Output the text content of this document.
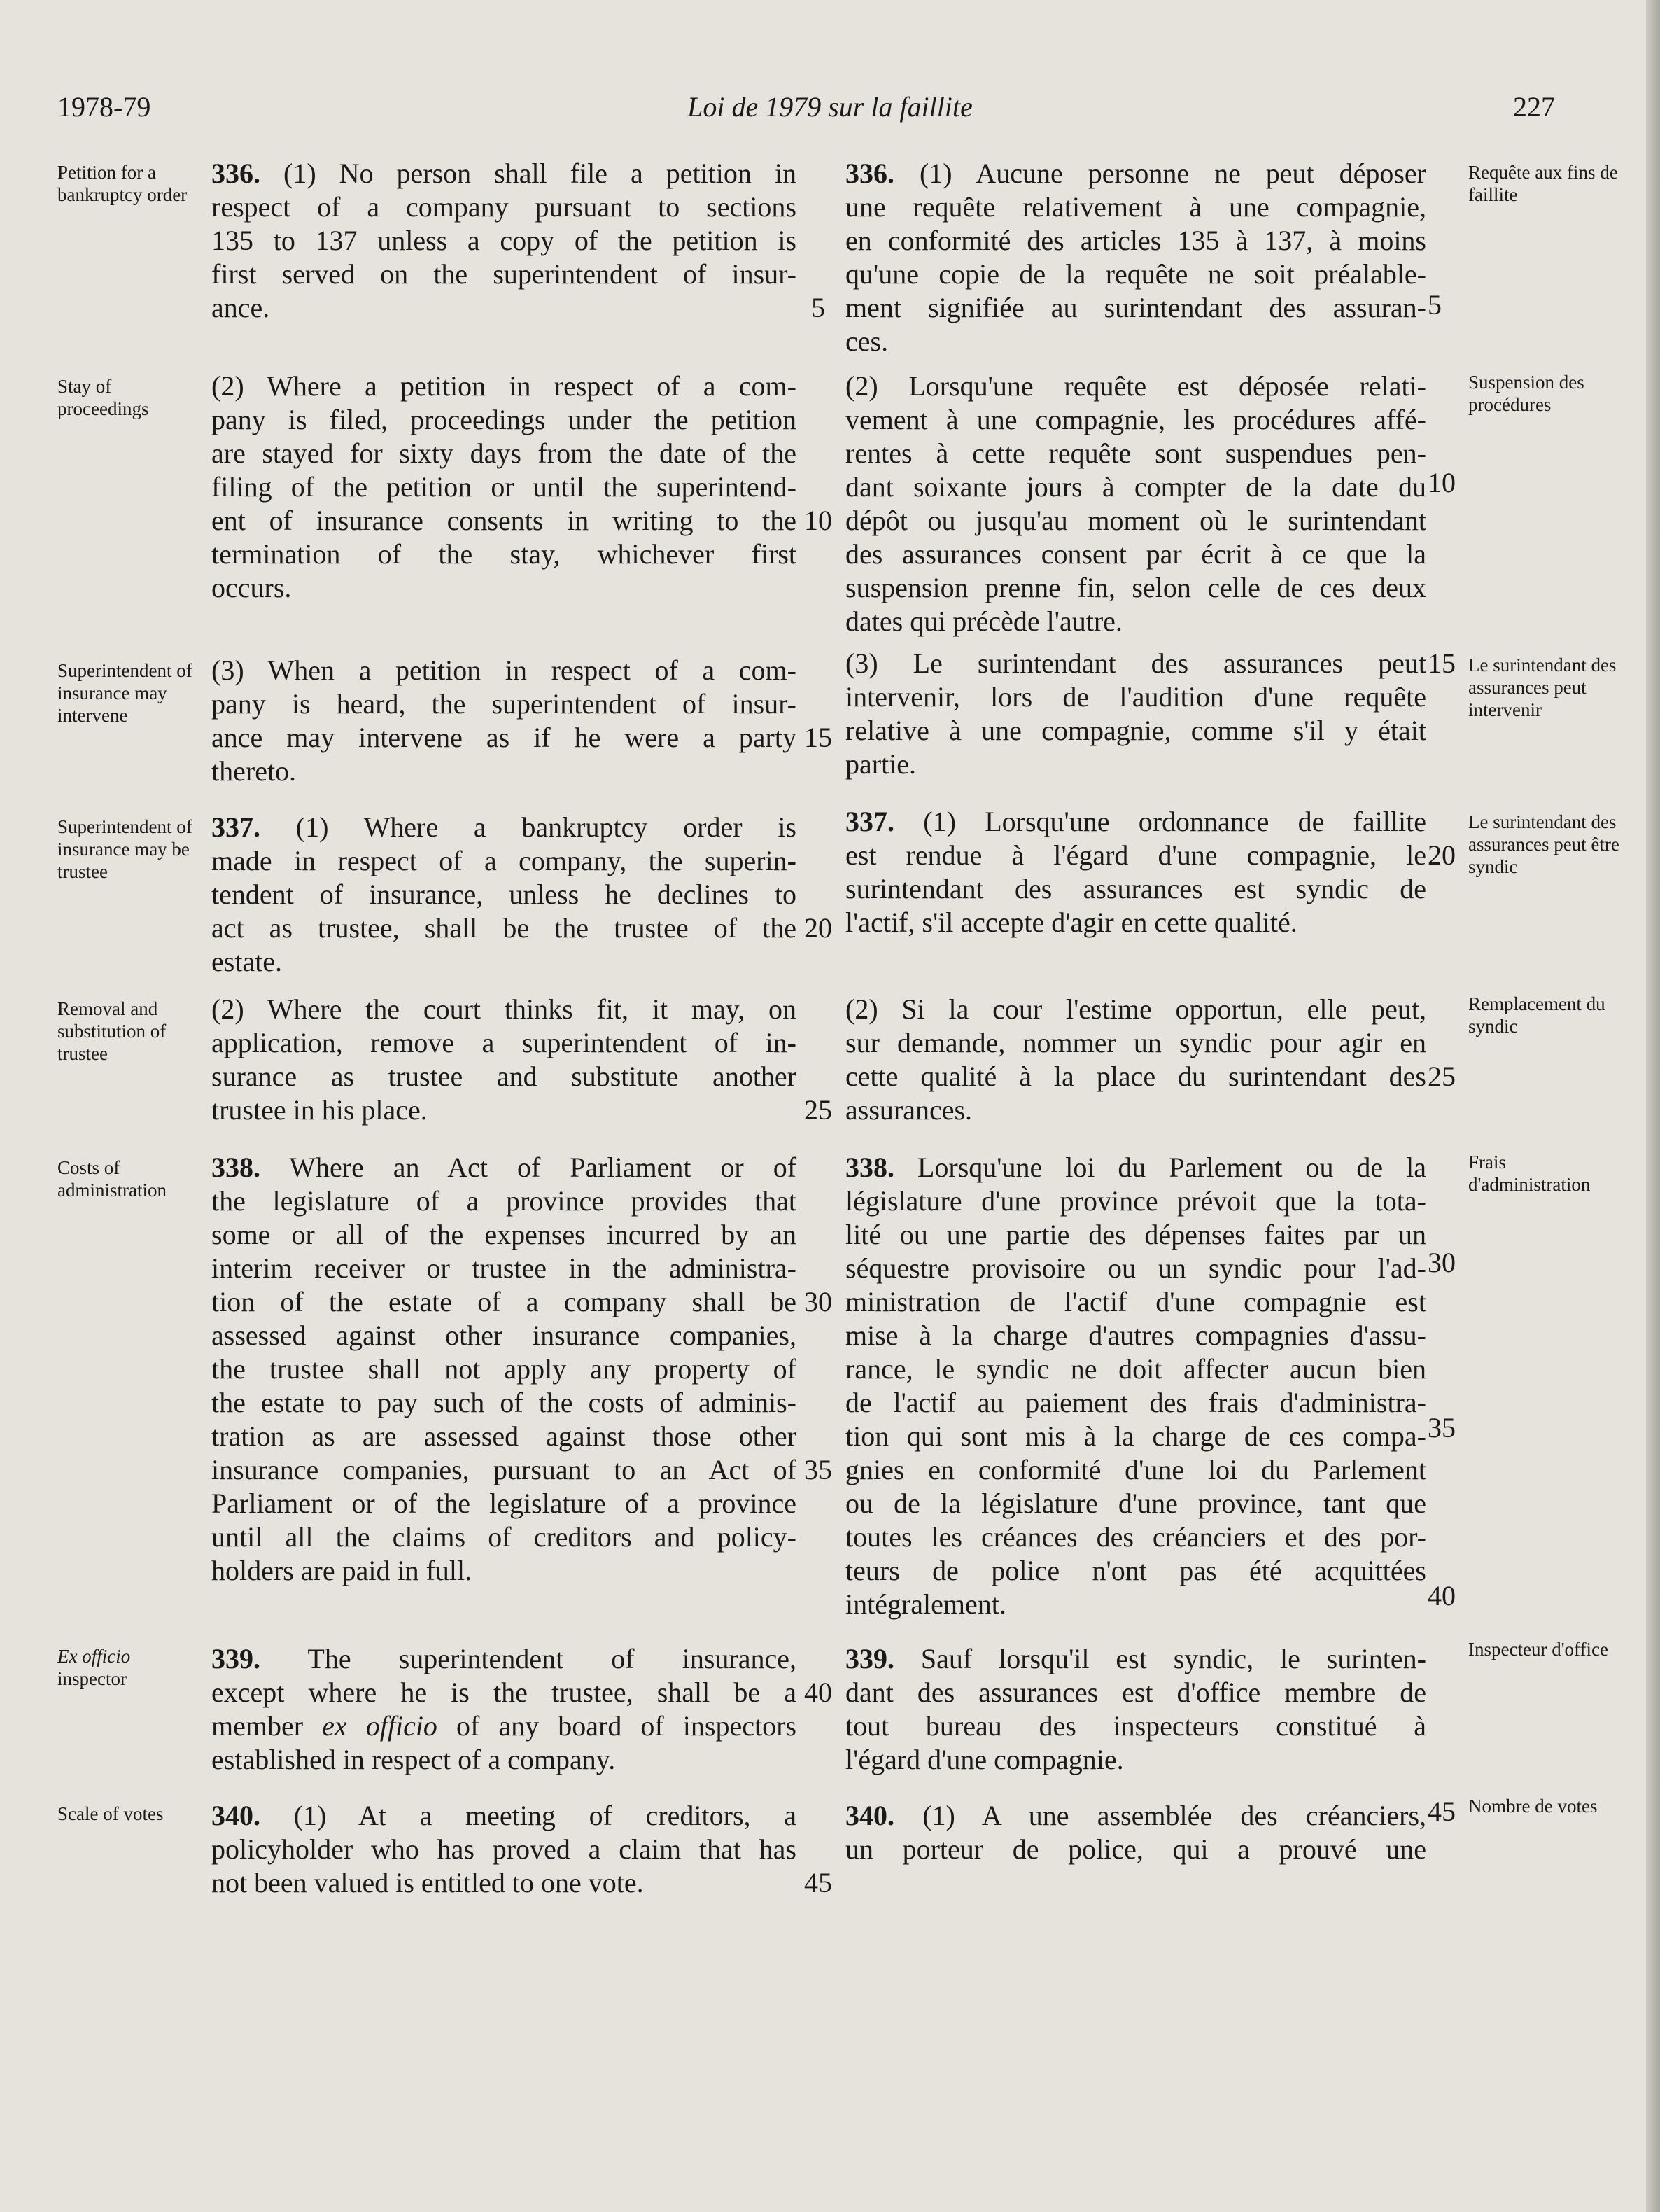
1978-79	Loi de 1979 sur la faillite	227
Petition for a bankruptcy order
Stay of proceedings
Superintendent of insurance may intervene
Superintendent of insurance may be trustee
Removal and substitution of trustee
Costs of administration
Ex officio
inspector
Scale of votes
Requête aux fins de faillite
Suspension des procédures
Le surintendant des assurances peut intervenir
Le surintendant des assurances peut être syndic
Remplacement du syndic
Frais d'administration
Inspecteur d'office
Nombre de votes
336. (1) No person shall file a petition in
respect of a company pursuant to sections
135 to 137 unless a copy of the petition is
first served on the superintendent of insur-
ance.
(2) Where a petition in respect of a com-
pany is filed, proceedings under the petition
are stayed for sixty days from the date of the
filing of the petition or until the superintend-
ent of insurance consents in writing to the
termination of the stay, whichever first
occurs.
(3) When a petition in respect of a com-
pany is heard, the superintendent of insur-
ance may intervene as if he were a party
thereto.
337. (1) Where a bankruptcy order is
made in respect of a company, the superin-
tendent of insurance, unless he declines to
act as trustee, shall be the trustee of the
estate.
(2) Where the court thinks fit, it may, on
application, remove a superintendent of in-
surance as trustee and substitute another
trustee in his place.
338. Where an Act of Parliament or of
the legislature of a province provides that
some or all of the expenses incurred by an
interim receiver or trustee in the administra-
tion of the estate of a company shall be
assessed against other insurance companies,
the trustee shall not apply any property of
the estate to pay such of the costs of adminis-
tration as are assessed against those other
insurance companies, pursuant to an Act of
Parliament or of the legislature of a province
until all the claims of creditors and policy-
holders are paid in full.
339. The superintendent of insurance,
except where he is the trustee, shall be a
member ex officio of any board of inspectors
established in respect of a company.
340. (1) At a meeting of creditors, a
policyholder who has proved a claim that has
not been valued is entitled to one vote.
336. (1) Aucune personne ne peut déposer
une requête relativement à une compagnie,
en conformité des articles 135 à 137, à moins
qu'une copie de la requête ne soit préalable-
ment signifiée au surintendant des assuran-
ces.
(2) Lorsqu'une requête est déposée relati-
vement à une compagnie, les procédures affé-
rentes à cette requête sont suspendues pen-
dant soixante jours à compter de la date du
dépôt ou jusqu'au moment où le surintendant
des assurances consent par écrit à ce que la
suspension prenne fin, selon celle de ces deux
dates qui précède l'autre.
(3) Le surintendant des assurances peut
intervenir, lors de l'audition d'une requête
relative à une compagnie, comme s'il y était
partie.
337. (1) Lorsqu'une ordonnance de faillite
est rendue à l'égard d'une compagnie, le
surintendant des assurances est syndic de
l'actif, s'il accepte d'agir en cette qualité.
(2) Si la cour l'estime opportun, elle peut,
sur demande, nommer un syndic pour agir en
cette qualité à la place du surintendant des
assurances.
338. Lorsqu'une loi du Parlement ou de la
législature d'une province prévoit que la tota-
lité ou une partie des dépenses faites par un
séquestre provisoire ou un syndic pour l'ad-
ministration de l'actif d'une compagnie est
mise à la charge d'autres compagnies d'assu-
rance, le syndic ne doit affecter aucun bien
de l'actif au paiement des frais d'administra-
tion qui sont mis à la charge de ces compa-
gnies en conformité d'une loi du Parlement
ou de la législature d'une province, tant que
toutes les créances des créanciers et des por-
teurs de police n'ont pas été acquittées
intégralement.
339. Sauf lorsqu'il est syndic, le surinten-
dant des assurances est d'office membre de
tout bureau des inspecteurs constitué à
l'égard d'une compagnie.
340. (1) A une assemblée des créanciers,
un porteur de police, qui a prouvé une
5
10
15
20
25
30
35
40
45
5
10
15
20
25
30
35
40
45
